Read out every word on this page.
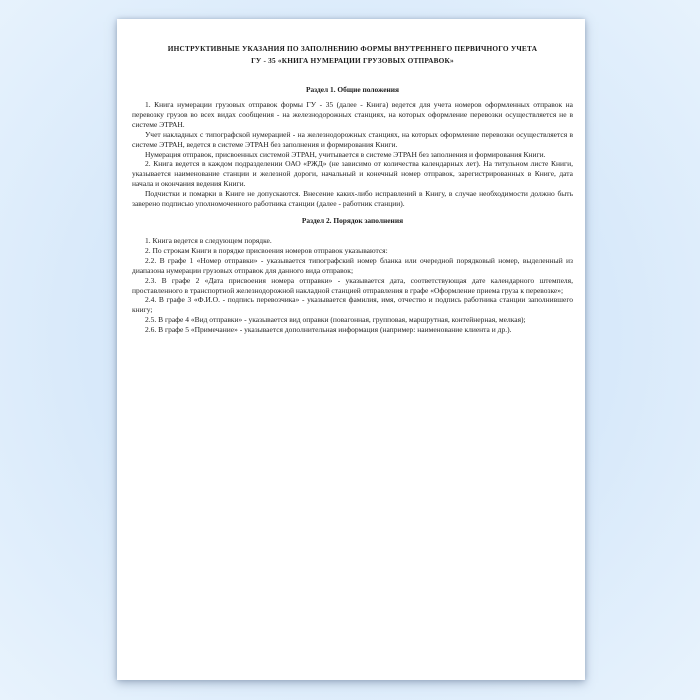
ИНСТРУКТИВНЫЕ УКАЗАНИЯ ПО ЗАПОЛНЕНИЮ ФОРМЫ ВНУТРЕННЕГО ПЕРВИЧНОГО УЧЕТА
ГУ - 35 «КНИГА НУМЕРАЦИИ ГРУЗОВЫХ ОТПРАВОК»
Раздел 1. Общие положения

1. Книга нумерации грузовых отправок формы ГУ - 35 (далее - Книга) ведется для учета номеров оформленных отправок на перевозку грузов во всех видах сообщения - на железнодорожных станциях, на которых оформление перевозки осуществляется не в системе ЭТРАН.

Учет накладных с типографской нумерацией - на железнодорожных станциях, на которых оформление перевозки осуществляется в системе ЭТРАН, ведется в системе ЭТРАН без заполнения и формирования Книги.

Нумерация отправок, присвоенных системой ЭТРАН, учитывается в системе ЭТРАН без заполнения и формирования Книги.

2. Книга ведется в каждом подразделении ОАО «РЖД» (не зависимо от количества календарных лет). На титульном листе Книги, указывается наименование станции и железной дороги, начальный и конечный номер отправок, зарегистрированных в Книге, дата начала и окончания ведения Книги.

Подчистки и помарки в Книге не допускаются. Внесение каких-либо исправлений в Книгу, в случае необходимости должно быть заверено подписью уполномоченного работника станции (далее - работник станции).

Раздел 2. Порядок заполнения

1. Книга ведется в следующем порядке.

2. По строкам Книги в порядке присвоения номеров отправок указываются:

2.2. В графе 1 «Номер отправки» - указывается типографский номер бланка или очередной порядковый номер, выделенный из диапазона нумерации грузовых отправок для данного вида отправок;

2.3. В графе 2 «Дата присвоения номера отправки» - указывается дата, соответствующая дате календарного штемпеля, проставленного в транспортной железнодорожной накладной станцией отправления в графе «Оформление приема груза к перевозке»;

2.4. В графе 3 «Ф.И.О. - подпись перевозчика» - указывается фамилия, имя, отчество и подпись работника станции заполнившего книгу;

2.5. В графе 4 «Вид отправки» - указывается вид оправки (повагонная, групповая, маршрутная, контейнерная, мелкая);

2.6. В графе 5 «Примечание» - указывается дополнительная информация (например: наименование клиента и др.).
